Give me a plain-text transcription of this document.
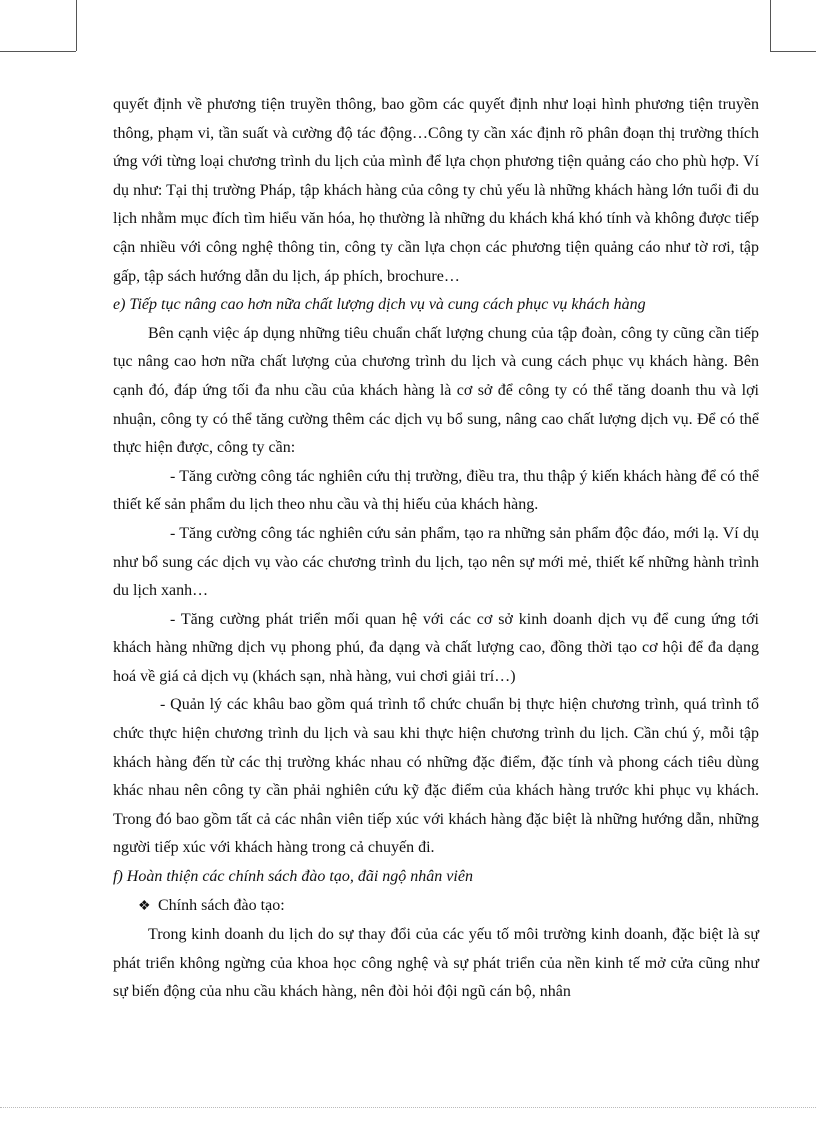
quyết định về phương tiện truyền thông, bao gồm các quyết định như loại hình phương tiện truyền thông, phạm vi, tần suất và cường độ tác động…Công ty cần xác định rõ phân đoạn thị trường thích ứng với từng loại chương trình du lịch của mình để lựa chọn phương tiện quảng cáo cho phù hợp. Ví dụ như: Tại thị trường Pháp, tập khách hàng của công ty chủ yếu là những khách hàng lớn tuổi đi du lịch nhằm mục đích tìm hiểu văn hóa, họ thường là những du khách khá khó tính và không được tiếp cận nhiều với công nghệ thông tin, công ty cần lựa chọn các phương tiện quảng cáo như tờ rơi, tập gấp, tập sách hướng dẫn du lịch, áp phích, brochure…

e) Tiếp tục nâng cao hơn nữa chất lượng dịch vụ và cung cách phục vụ khách hàng

Bên cạnh việc áp dụng những tiêu chuẩn chất lượng chung của tập đoàn, công ty cũng cần tiếp tục nâng cao hơn nữa chất lượng của chương trình du lịch và cung cách phục vụ khách hàng. Bên cạnh đó, đáp ứng tối đa nhu cầu của khách hàng là cơ sở để công ty có thể tăng doanh thu và lợi nhuận, công ty có thể tăng cường thêm các dịch vụ bổ sung, nâng cao chất lượng dịch vụ. Để có thể thực hiện được, công ty cần:

- Tăng cường công tác nghiên cứu thị trường, điều tra, thu thập ý kiến khách hàng để có thể thiết kế sản phẩm du lịch theo nhu cầu và thị hiếu của khách hàng.

- Tăng cường công tác nghiên cứu sản phẩm, tạo ra những sản phẩm độc đáo, mới lạ. Ví dụ như bổ sung các dịch vụ vào các chương trình du lịch, tạo nên sự mới mẻ, thiết kế những hành trình du lịch xanh…

- Tăng cường phát triển mối quan hệ với các cơ sở kinh doanh dịch vụ để cung ứng tới khách hàng những dịch vụ phong phú, đa dạng và chất lượng cao, đồng thời tạo cơ hội để đa dạng hoá về giá cả dịch vụ (khách sạn, nhà hàng, vui chơi giải trí…)

- Quản lý các khâu bao gồm quá trình tổ chức chuẩn bị thực hiện chương trình, quá trình tổ chức thực hiện chương trình du lịch và sau khi thực hiện chương trình du lịch. Cần chú ý, mỗi tập khách hàng đến từ các thị trường khác nhau có những đặc điểm, đặc tính và phong cách tiêu dùng khác nhau nên công ty cần phải nghiên cứu kỹ đặc điểm của khách hàng trước khi phục vụ khách. Trong đó bao gồm tất cả các nhân viên tiếp xúc với khách hàng đặc biệt là những hướng dẫn, những người tiếp xúc với khách hàng trong cả chuyến đi.

f) Hoàn thiện các chính sách đào tạo, đãi ngộ nhân viên

❖ Chính sách đào tạo:

Trong kinh doanh du lịch do sự thay đổi của các yếu tố môi trường kinh doanh, đặc biệt là sự phát triển không ngừng của khoa học công nghệ và sự phát triển của nền kinh tế mở cửa cũng như sự biến động của nhu cầu khách hàng, nên đòi hỏi đội ngũ cán bộ, nhân
